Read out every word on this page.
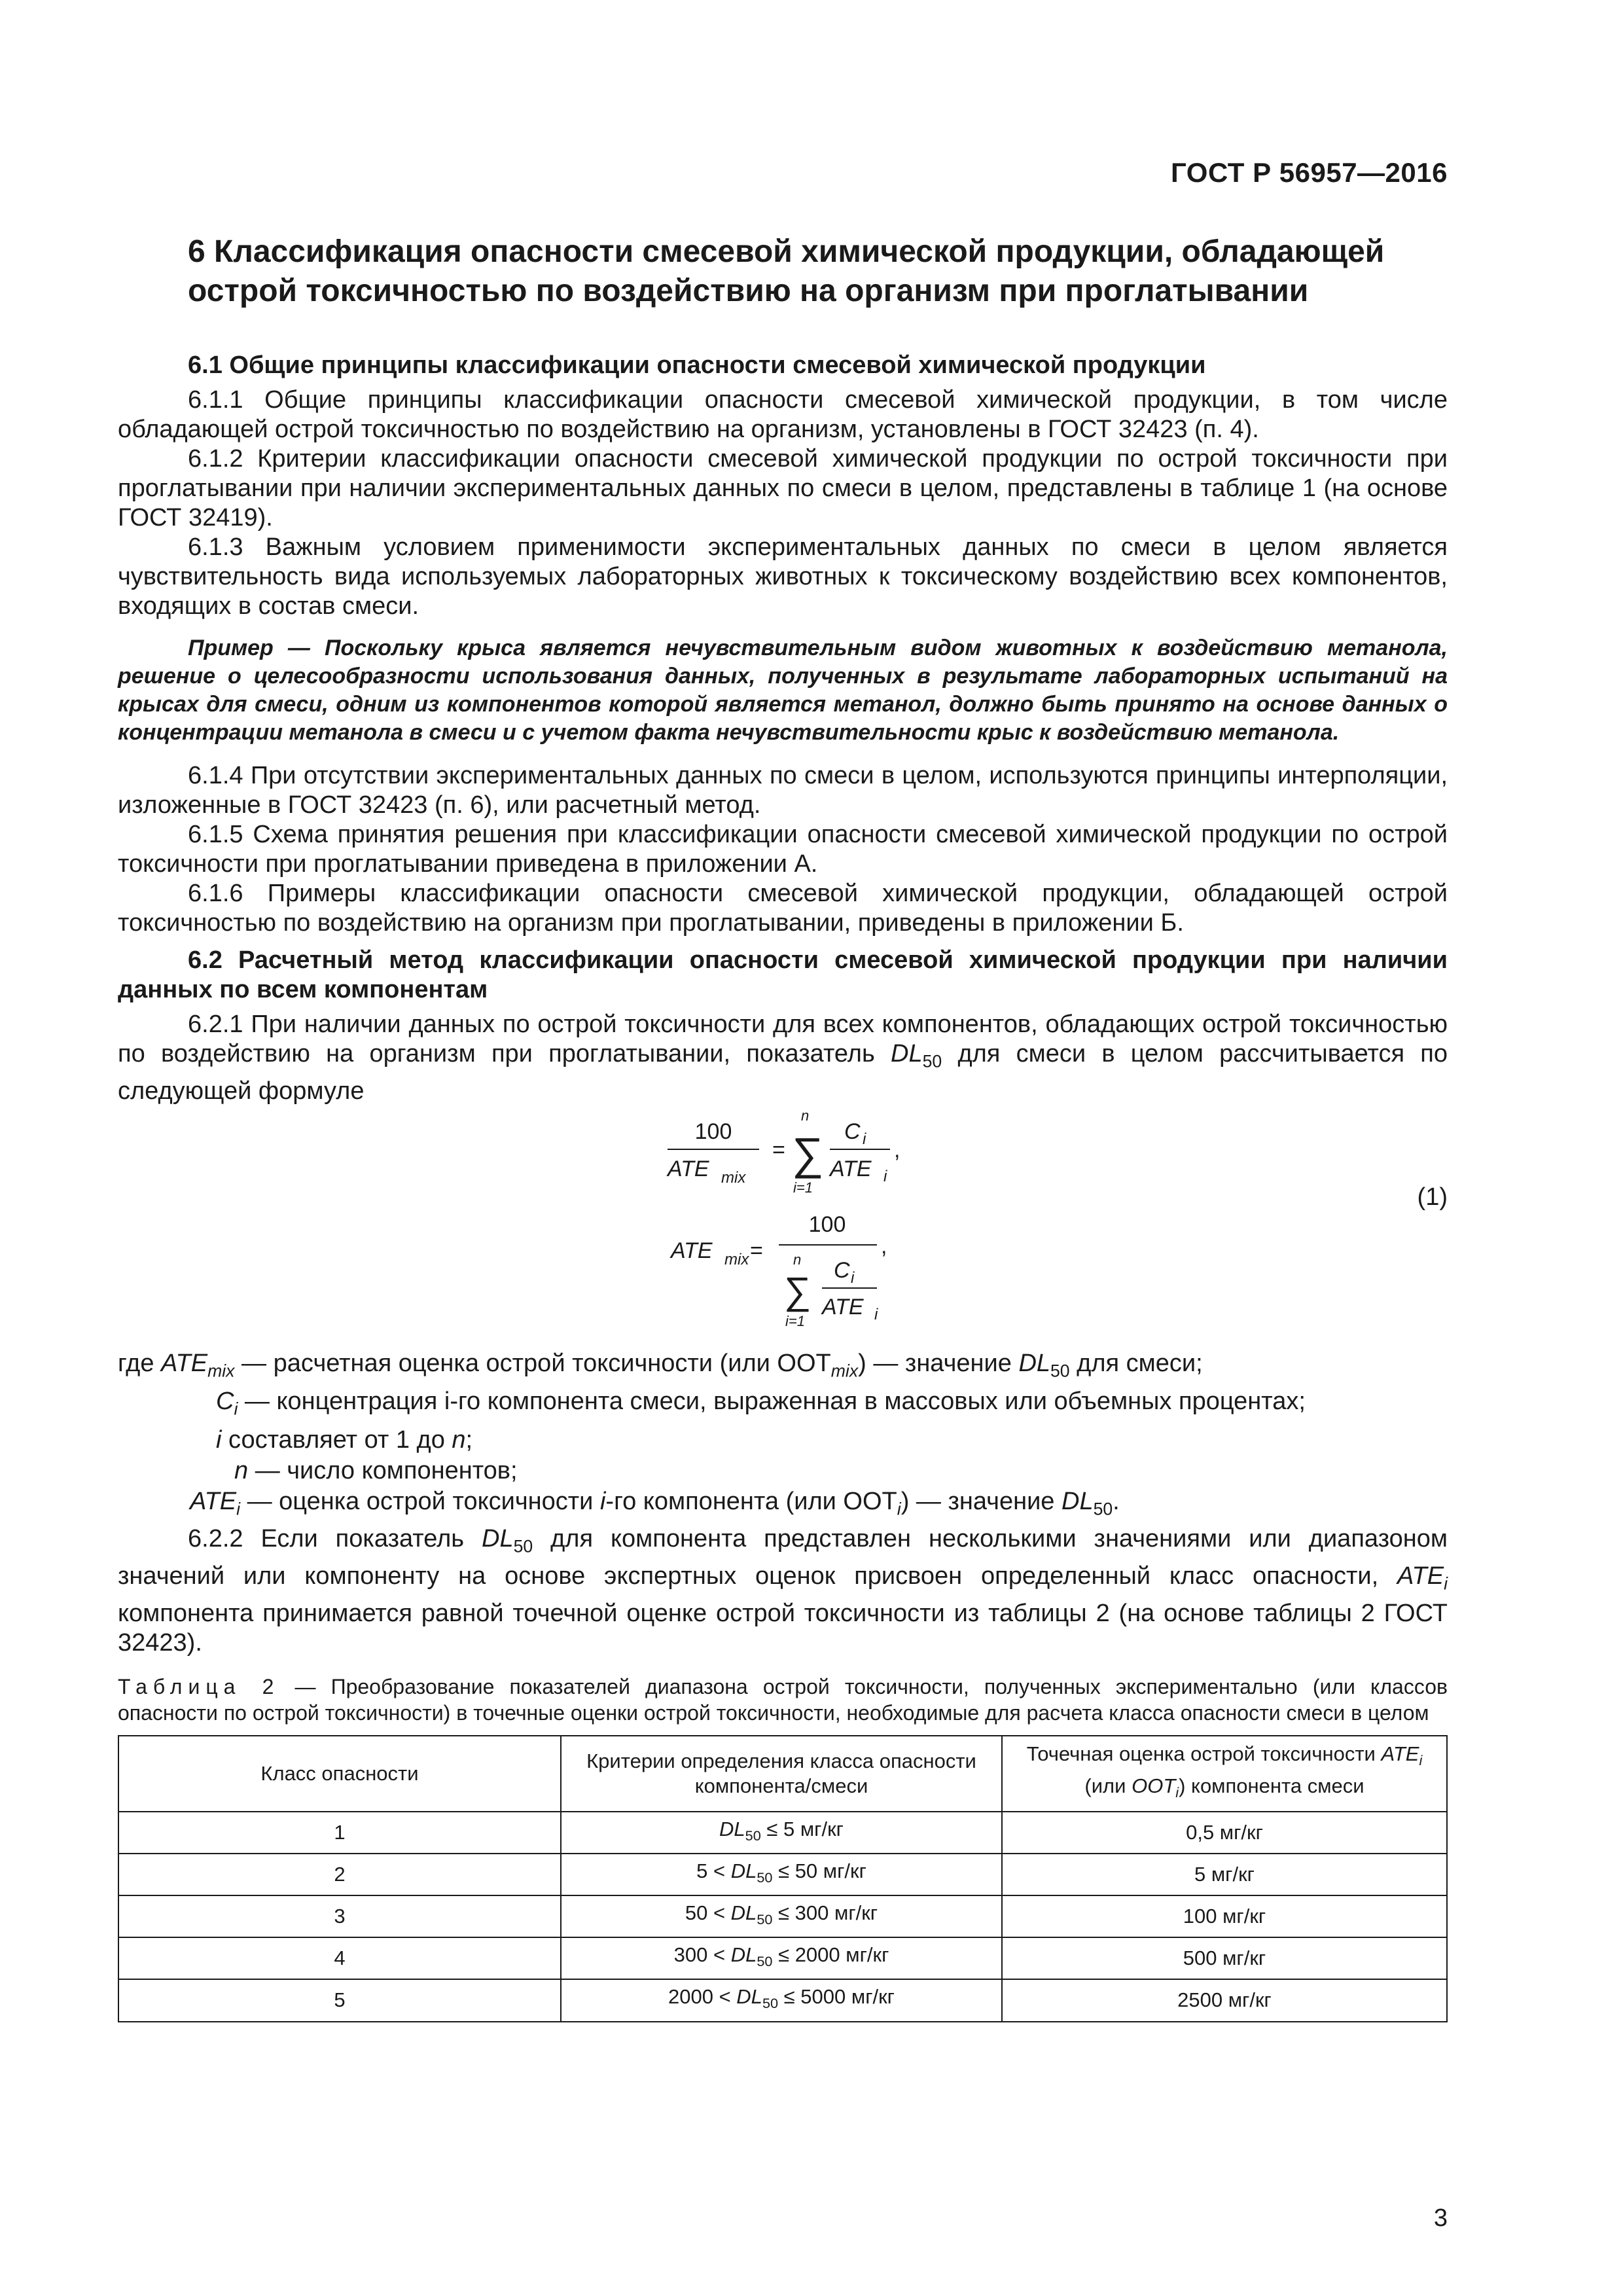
ГОСТ Р 56957—2016
6 Классификация опасности смесевой химической продукции, обладающей острой токсичностью по воздействию на организм при проглатывании
6.1 Общие принципы классификации опасности смесевой химической продукции

6.1.1 Общие принципы классификации опасности смесевой химической продукции, в том числе обладающей острой токсичностью по воздействию на организм, установлены в ГОСТ 32423 (п. 4).

6.1.2 Критерии классификации опасности смесевой химической продукции по острой токсичности при проглатывании при наличии экспериментальных данных по смеси в целом, представлены в таблице 1 (на основе ГОСТ 32419).

6.1.3 Важным условием применимости экспериментальных данных по смеси в целом является чувствительность вида используемых лабораторных животных к токсическому воздействию всех компонентов, входящих в состав смеси.

Пример — Поскольку крыса является нечувствительным видом животных к воздействию метанола, решение о целесообразности использования данных, полученных в результате лабораторных испытаний на крысах для смеси, одним из компонентов которой является метанол, должно быть принято на основе данных о концентрации метанола в смеси и с учетом факта нечувствительности крыс к воздействию метанола.

6.1.4 При отсутствии экспериментальных данных по смеси в целом, используются принципы интерполяции, изложенные в ГОСТ 32423 (п. 6), или расчетный метод.

6.1.5 Схема принятия решения при классификации опасности смесевой химической продукции по острой токсичности при проглатывании приведена в приложении А.

6.1.6 Примеры классификации опасности смесевой химической продукции, обладающей острой токсичностью по воздействию на организм при проглатывании, приведены в приложении Б.

6.2 Расчетный метод классификации опасности смесевой химической продукции при наличии данных по всем компонентам

6.2.1 При наличии данных по острой токсичности для всех компонентов, обладающих острой токсичностью по воздействию на организм при проглатывании, показатель $DL_{50}$ для смеси в целом рассчитывается по следующей формуле

100
ATE mix
=
n
∑
i=1
C i
ATE i
,
ATE mix =
100
,
n
∑
i=1
C i
ATE i
(1)
где $ATE_{mix}$ — расчетная оценка острой токсичности (или $ООТ_{mix}$) — значение $DL_{50}$ для смеси;
$C_i$ — концентрация i-го компонента смеси, выраженная в массовых или объемных процентах;
i составляет от 1 до n;
n — число компонентов;
$ATE_i$ — оценка острой токсичности i-го компонента (или $ООТ_i$) — значение $DL_{50}$.

6.2.2 Если показатель $DL_{50}$ для компонента представлен несколькими значениями или диапазоном значений или компоненту на основе экспертных оценок присвоен определенный класс опасности, $ATE_i$ компонента принимается равной точечной оценке острой токсичности из таблицы 2 (на основе таблицы 2 ГОСТ 32423).

Таблица 2 — Преобразование показателей диапазона острой токсичности, полученных экспериментально (или классов опасности по острой токсичности) в точечные оценки острой токсичности, необходимые для расчета класса опасности смеси в целом

Класс опасности	Критерии определения класса опасности компонента/смеси	Точечная оценка острой токсичности $ATE_i$ (или $OOT_i$) компонента смеси
1	$DL_{50} \le 5$ мг/кг	0,5 мг/кг
2	$5 < DL_{50} \le 50$ мг/кг	5 мг/кг
3	$50 < DL_{50} \le 300$ мг/кг	100 мг/кг
4	$300 < DL_{50} \le 2000$ мг/кг	500 мг/кг
5	$2000 < DL_{50} \le 5000$ мг/кг	2500 мг/кг
3
